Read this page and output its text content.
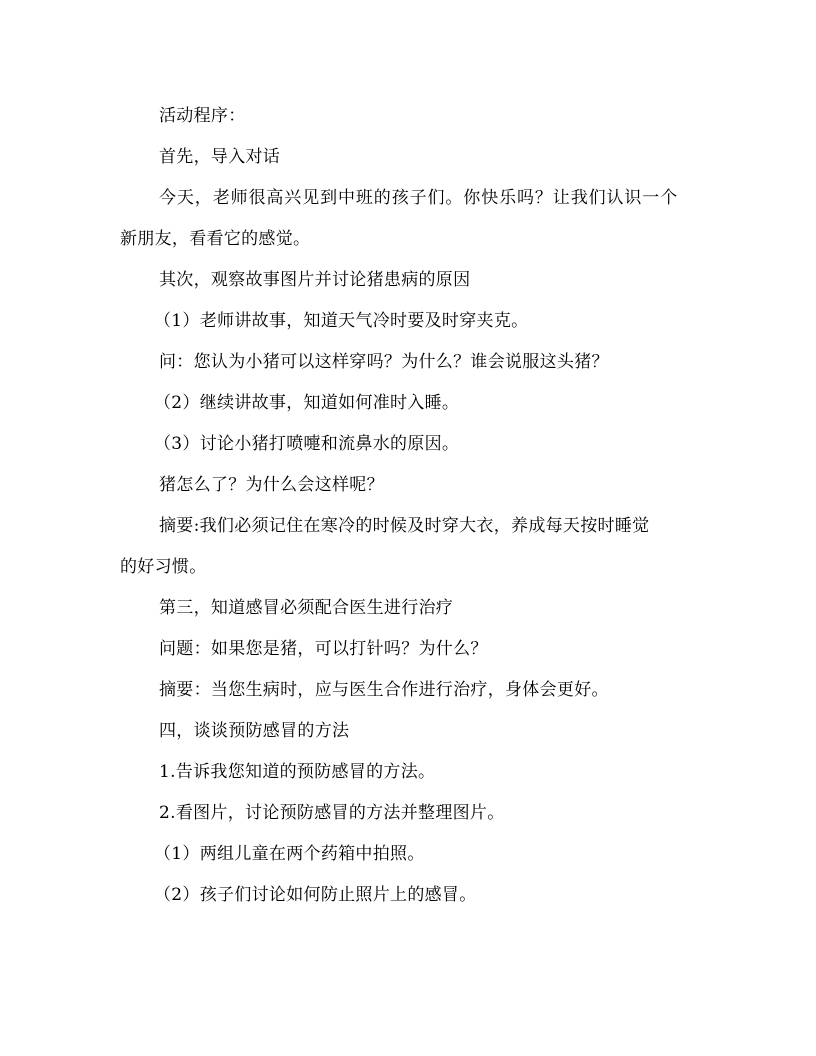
活动程序：

首先，导入对话

今天，老师很高兴见到中班的孩子们。你快乐吗？让我们认识一个

新朋友，看看它的感觉。

其次，观察故事图片并讨论猪患病的原因

（1）老师讲故事，知道天气冷时要及时穿夹克。

问：您认为小猪可以这样穿吗？为什么？谁会说服这头猪？

（2）继续讲故事，知道如何准时入睡。

（3）讨论小猪打喷嚏和流鼻水的原因。

猪怎么了？为什么会这样呢？

摘要:我们必须记住在寒冷的时候及时穿大衣，养成每天按时睡觉

的好习惯。

第三，知道感冒必须配合医生进行治疗

问题：如果您是猪，可以打针吗？为什么？

摘要：当您生病时，应与医生合作进行治疗，身体会更好。

四，谈谈预防感冒的方法

1.告诉我您知道的预防感冒的方法。

2.看图片，讨论预防感冒的方法并整理图片。

（1）两组儿童在两个药箱中拍照。

（2）孩子们讨论如何防止照片上的感冒。
